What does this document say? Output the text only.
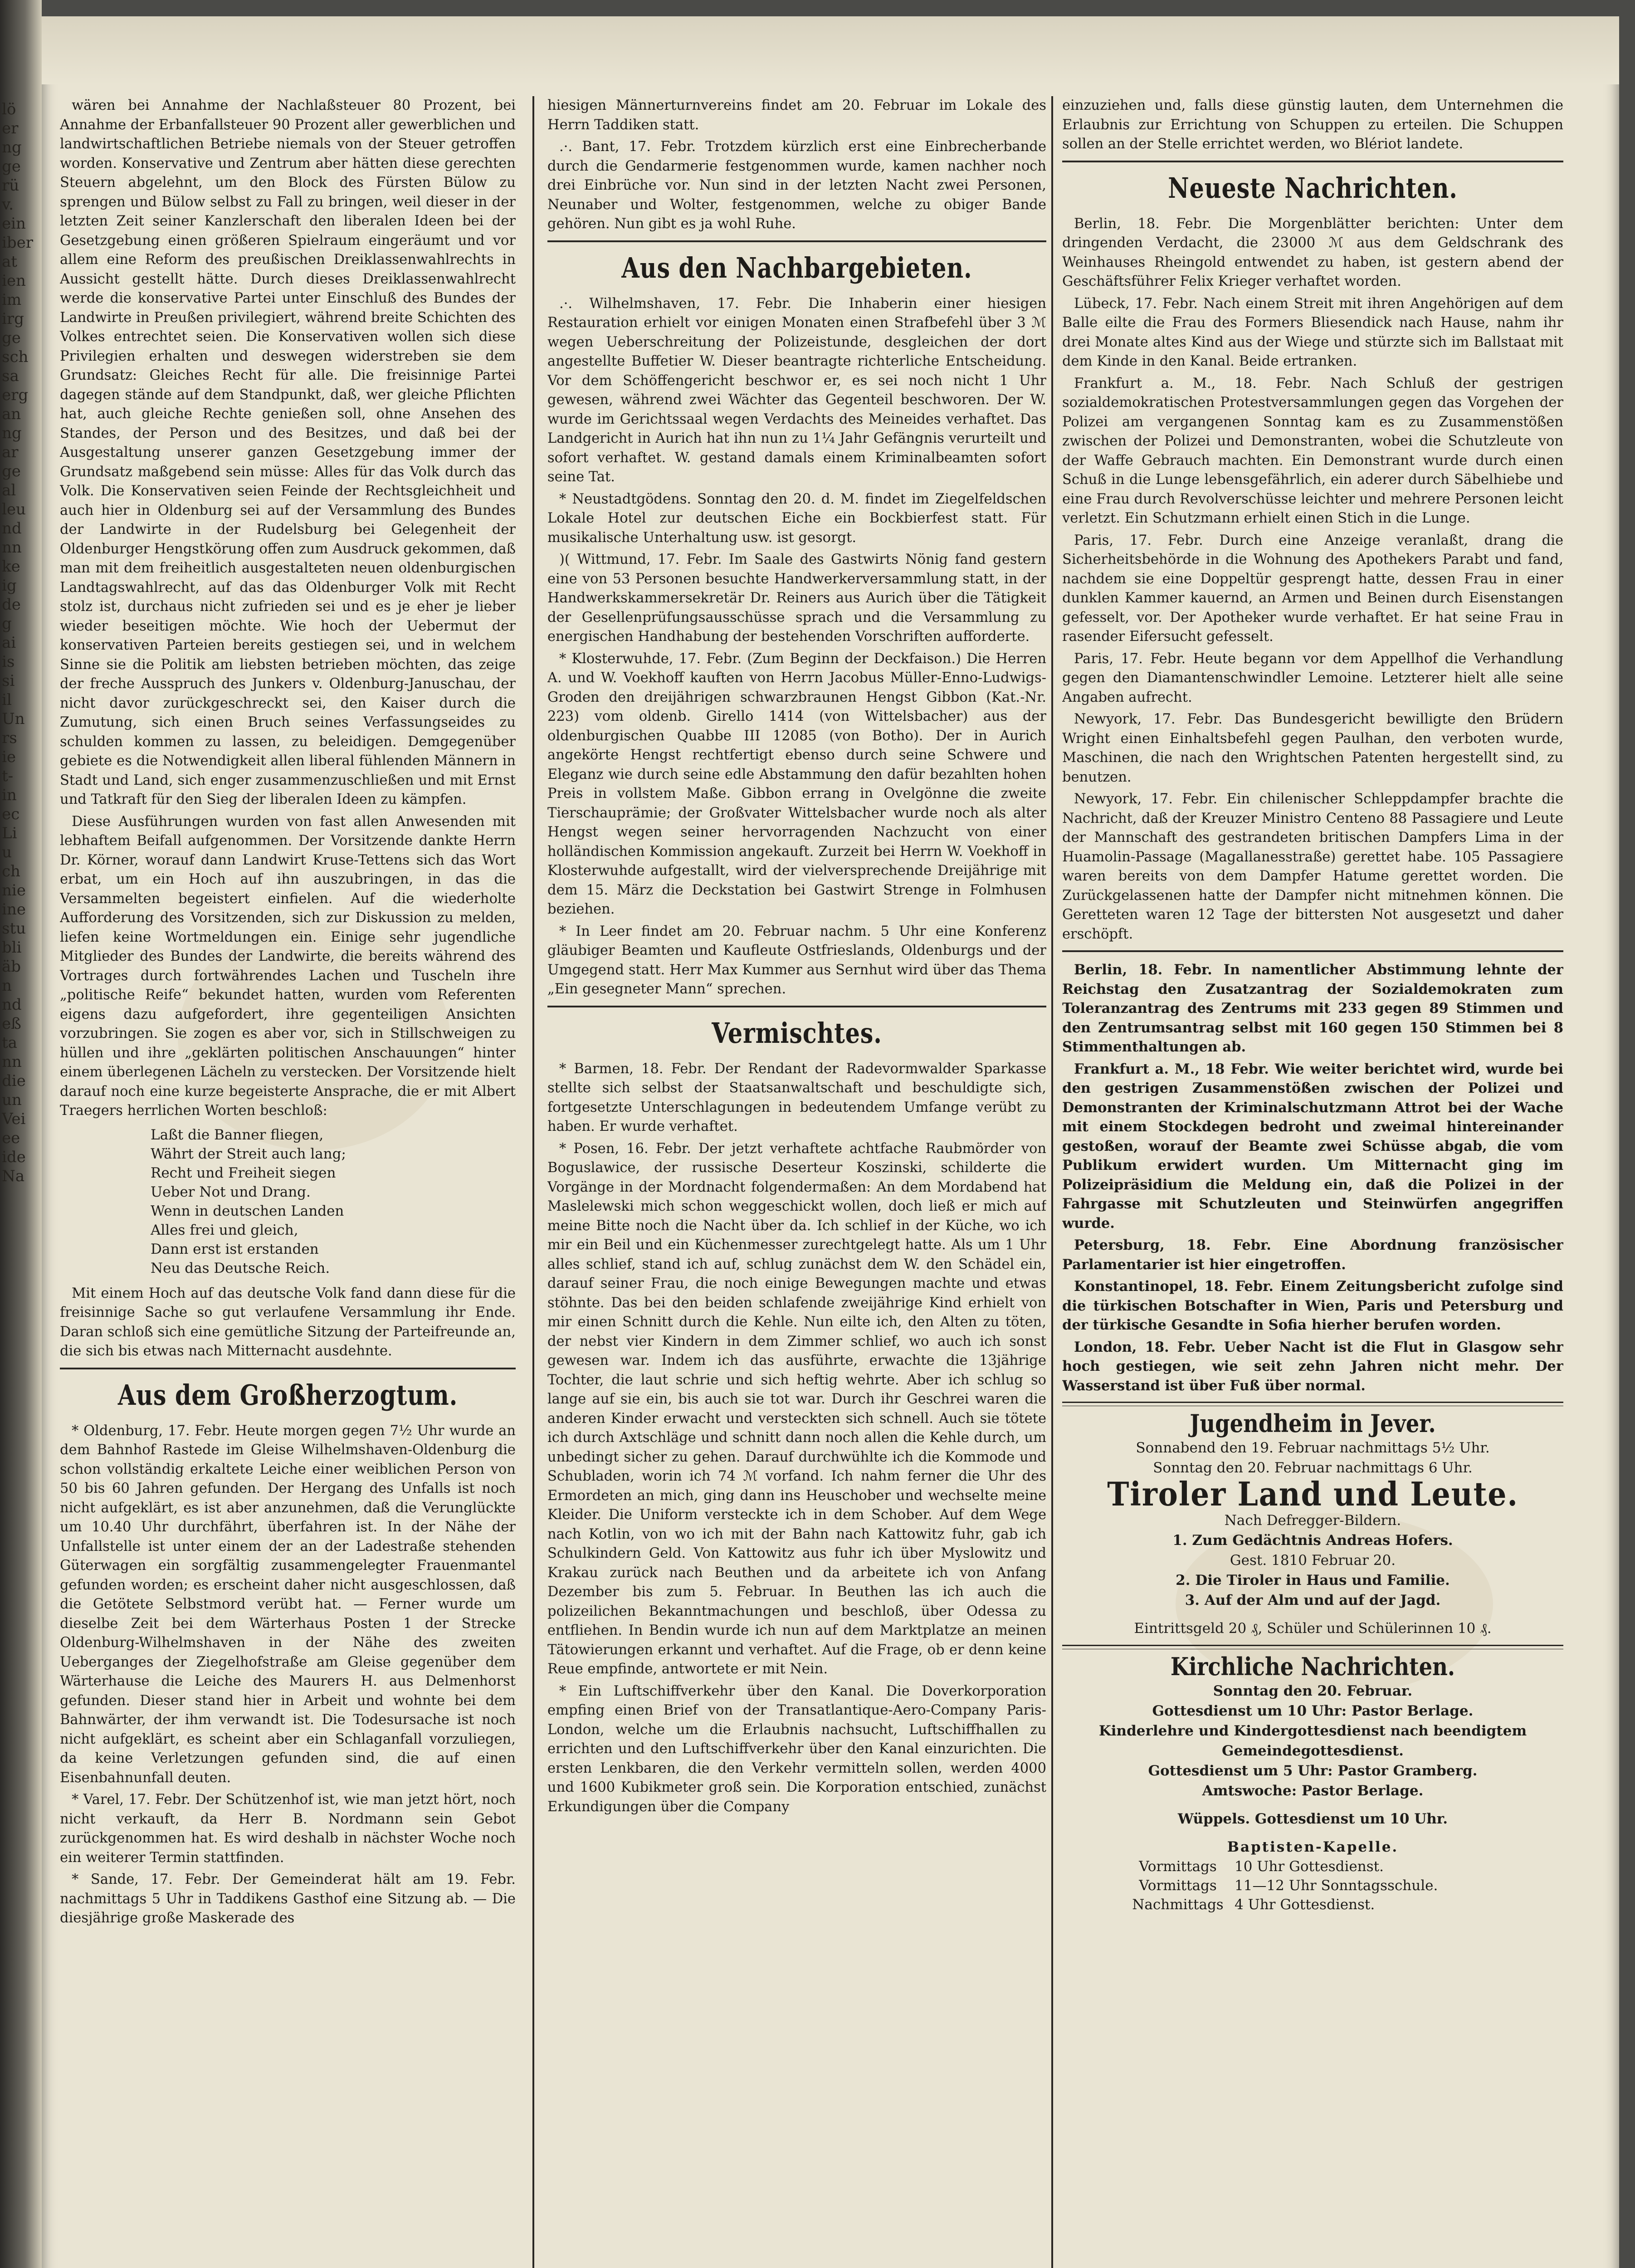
wären bei Annahme der Nachlaßsteuer 80 Prozent, bei Annahme der Erbanfallsteuer 90 Prozent aller gewerblichen und landwirtschaftlichen Betriebe niemals von der Steuer getroffen worden. Konservative und Zentrum aber hätten diese gerechten Steuern abgelehnt, um den Block des Fürsten Bülow zu sprengen und Bülow selbst zu Fall zu bringen, weil dieser in der letzten Zeit seiner Kanzlerschaft den liberalen Ideen bei der Gesetzgebung einen größeren Spielraum eingeräumt und vor allem eine Reform des preußischen Dreiklassenwahlrechts in Aussicht gestellt hätte. Durch dieses Dreiklassenwahlrecht werde die konservative Partei unter Einschluß des Bundes der Landwirte in Preußen privilegiert, während breite Schichten des Volkes entrechtet seien. Die Konservativen wollen sich diese Privilegien erhalten und deswegen widerstreben sie dem Grundsatz: Gleiches Recht für alle. Die freisinnige Partei dagegen stände auf dem Standpunkt, daß, wer gleiche Pflichten hat, auch gleiche Rechte genießen soll, ohne Ansehen des Standes, der Person und des Besitzes, und daß bei der Ausgestaltung unserer ganzen Gesetzgebung immer der Grundsatz maßgebend sein müsse: Alles für das Volk durch das Volk. Die Konservativen seien Feinde der Rechtsgleichheit und auch hier in Oldenburg sei auf der Versammlung des Bundes der Landwirte in der Rudelsburg bei Gelegenheit der Oldenburger Hengstkörung offen zum Ausdruck gekommen, daß man mit dem freiheitlich ausgestalteten neuen oldenburgischen Landtagswahlrecht, auf das das Oldenburger Volk mit Recht stolz ist, durchaus nicht zufrieden sei und es je eher je lieber wieder beseitigen möchte. Wie hoch der Uebermut der konservativen Parteien bereits gestiegen sei, und in welchem Sinne sie die Politik am liebsten betrieben möchten, das zeige der freche Ausspruch des Junkers v. Oldenburg-Januschau, der nicht davor zurückgeschreckt sei, den Kaiser durch die Zumutung, sich einen Bruch seines Verfassungseides zu schulden kommen zu lassen, zu beleidigen. Demgegenüber gebiete es die Notwendigkeit allen liberal fühlenden Männern in Stadt und Land, sich enger zusammenzuschließen und mit Ernst und Tatkraft für den Sieg der liberalen Ideen zu kämpfen.

Diese Ausführungen wurden von fast allen Anwesenden mit lebhaftem Beifall aufgenommen. Der Vorsitzende dankte Herrn Dr. Körner, worauf dann Landwirt Kruse-Tettens sich das Wort erbat, um ein Hoch auf ihn auszubringen, in das die Versammelten begeistert einfielen. Auf die wiederholte Aufforderung des Vorsitzenden, sich zur Diskussion zu melden, liefen keine Wortmeldungen ein. Einige sehr jugendliche Mitglieder des Bundes der Landwirte, die bereits während des Vortrages durch fortwährendes Lachen und Tuscheln ihre „politische Reife“ bekundet hatten, wurden vom Referenten eigens dazu aufgefordert, ihre gegenteiligen Ansichten vorzubringen. Sie zogen es aber vor, sich in Stillschweigen zu hüllen und ihre „geklärten politischen Anschauungen“ hinter einem überlegenen Lächeln zu verstecken. Der Vorsitzende hielt darauf noch eine kurze begeisterte Ansprache, die er mit Albert Traegers herrlichen Worten beschloß:

Laßt die Banner fliegen,
Währt der Streit auch lang;
Recht und Freiheit siegen
Ueber Not und Drang.
Wenn in deutschen Landen
Alles frei und gleich,
Dann erst ist erstanden
Neu das Deutsche Reich.

Mit einem Hoch auf das deutsche Volk fand dann diese für die freisinnige Sache so gut verlaufene Versammlung ihr Ende. Daran schloß sich eine gemütliche Sitzung der Parteifreunde an, die sich bis etwas nach Mitternacht ausdehnte.

Aus dem Großherzogtum.

* Oldenburg, 17. Febr. Heute morgen gegen 7½ Uhr wurde an dem Bahnhof Rastede im Gleise Wilhelmshaven-Oldenburg die schon vollständig erkaltete Leiche einer weiblichen Person von 50 bis 60 Jahren gefunden. Der Hergang des Unfalls ist noch nicht aufgeklärt, es ist aber anzunehmen, daß die Verunglückte um 10.40 Uhr durchfährt, überfahren ist. In der Nähe der Unfallstelle ist unter einem der an der Ladestraße stehenden Güterwagen ein sorgfältig zusammengelegter Frauenmantel gefunden worden; es erscheint daher nicht ausgeschlossen, daß die Getötete Selbstmord verübt hat. — Ferner wurde um dieselbe Zeit bei dem Wärterhaus Posten 1 der Strecke Oldenburg-Wilhelmshaven in der Nähe des zweiten Ueberganges der Ziegelhofstraße am Gleise gegenüber dem Wärterhause die Leiche des Maurers H. aus Delmenhorst gefunden. Dieser stand hier in Arbeit und wohnte bei dem Bahnwärter, der ihm verwandt ist. Die Todesursache ist noch nicht aufgeklärt, es scheint aber ein Schlaganfall vorzuliegen, da keine Verletzungen gefunden sind, die auf einen Eisenbahnunfall deuten.

* Varel, 17. Febr. Der Schützenhof ist, wie man jetzt hört, noch nicht verkauft, da Herr B. Nordmann sein Gebot zurückgenommen hat. Es wird deshalb in nächster Woche noch ein weiterer Termin stattfinden.

* Sande, 17. Febr. Der Gemeinderat hält am 19. Febr. nachmittags 5 Uhr in Taddikens Gasthof eine Sitzung ab. — Die diesjährige große Maskerade des

hiesigen Männerturnvereins findet am 20. Februar im Lokale des Herrn Taddiken statt.

.·. Bant, 17. Febr. Trotzdem kürzlich erst eine Einbrecherbande durch die Gendarmerie festgenommen wurde, kamen nachher noch drei Einbrüche vor. Nun sind in der letzten Nacht zwei Personen, Neunaber und Wolter, festgenommen, welche zu obiger Bande gehören. Nun gibt es ja wohl Ruhe.

Aus den Nachbargebieten.

.·. Wilhelmshaven, 17. Febr. Die Inhaberin einer hiesigen Restauration erhielt vor einigen Monaten einen Strafbefehl über 3 ℳ wegen Ueberschreitung der Polizeistunde, desgleichen der dort angestellte Buffetier W. Dieser beantragte richterliche Entscheidung. Vor dem Schöffengericht beschwor er, es sei noch nicht 1 Uhr gewesen, während zwei Wächter das Gegenteil beschworen. Der W. wurde im Gerichtssaal wegen Verdachts des Meineides verhaftet. Das Landgericht in Aurich hat ihn nun zu 1¼ Jahr Gefängnis verurteilt und sofort verhaftet. W. gestand damals einem Kriminalbeamten sofort seine Tat.

* Neustadtgödens. Sonntag den 20. d. M. findet im Ziegelfeldschen Lokale Hotel zur deutschen Eiche ein Bockbierfest statt. Für musikalische Unterhaltung usw. ist gesorgt.

)( Wittmund, 17. Febr. Im Saale des Gastwirts Nönig fand gestern eine von 53 Personen besuchte Handwerkerversammlung statt, in der Handwerkskammersekretär Dr. Reiners aus Aurich über die Tätigkeit der Gesellenprüfungsausschüsse sprach und die Versammlung zu energischen Handhabung der bestehenden Vorschriften aufforderte.

* Klosterwuhde, 17. Febr. (Zum Beginn der Deckfaison.) Die Herren A. und W. Voekhoff kauften von Herrn Jacobus Müller-Enno-Ludwigs-Groden den dreijährigen schwarzbraunen Hengst Gibbon (Kat.-Nr. 223) vom oldenb. Girello 1414 (von Wittelsbacher) aus der oldenburgischen Quabbe III 12085 (von Botho). Der in Aurich angekörte Hengst rechtfertigt ebenso durch seine Schwere und Eleganz wie durch seine edle Abstammung den dafür bezahlten hohen Preis in vollstem Maße. Gibbon errang in Ovelgönne die zweite Tierschauprämie; der Großvater Wittelsbacher wurde noch als alter Hengst wegen seiner hervorragenden Nachzucht von einer holländischen Kommission angekauft. Zurzeit bei Herrn W. Voekhoff in Klosterwuhde aufgestallt, wird der vielversprechende Dreijährige mit dem 15. März die Deckstation bei Gastwirt Strenge in Folmhusen beziehen.

* In Leer findet am 20. Februar nachm. 5 Uhr eine Konferenz gläubiger Beamten und Kaufleute Ostfrieslands, Oldenburgs und der Umgegend statt. Herr Max Kummer aus Sernhut wird über das Thema „Ein gesegneter Mann“ sprechen.

Vermischtes.

* Barmen, 18. Febr. Der Rendant der Radevormwalder Sparkasse stellte sich selbst der Staatsanwaltschaft und beschuldigte sich, fortgesetzte Unterschlagungen in bedeutendem Umfange verübt zu haben. Er wurde verhaftet.

* Posen, 16. Febr. Der jetzt verhaftete achtfache Raubmörder von Boguslawice, der russische Deserteur Koszinski, schilderte die Vorgänge in der Mordnacht folgendermaßen: An dem Mordabend hat Maslelewski mich schon weggeschickt wollen, doch ließ er mich auf meine Bitte noch die Nacht über da. Ich schlief in der Küche, wo ich mir ein Beil und ein Küchenmesser zurechtgelegt hatte. Als um 1 Uhr alles schlief, stand ich auf, schlug zunächst dem W. den Schädel ein, darauf seiner Frau, die noch einige Bewegungen machte und etwas stöhnte. Das bei den beiden schlafende zweijährige Kind erhielt von mir einen Schnitt durch die Kehle. Nun eilte ich, den Alten zu töten, der nebst vier Kindern in dem Zimmer schlief, wo auch ich sonst gewesen war. Indem ich das ausführte, erwachte die 13jährige Tochter, die laut schrie und sich heftig wehrte. Aber ich schlug so lange auf sie ein, bis auch sie tot war. Durch ihr Geschrei waren die anderen Kinder erwacht und versteckten sich schnell. Auch sie tötete ich durch Axtschläge und schnitt dann noch allen die Kehle durch, um unbedingt sicher zu gehen. Darauf durchwühlte ich die Kommode und Schubladen, worin ich 74 ℳ vorfand. Ich nahm ferner die Uhr des Ermordeten an mich, ging dann ins Heuschober und wechselte meine Kleider. Die Uniform versteckte ich in dem Schober. Auf dem Wege nach Kotlin, von wo ich mit der Bahn nach Kattowitz fuhr, gab ich Schulkindern Geld. Von Kattowitz aus fuhr ich über Myslowitz und Krakau zurück nach Beuthen und da arbeitete ich von Anfang Dezember bis zum 5. Februar. In Beuthen las ich auch die polizeilichen Bekanntmachungen und beschloß, über Odessa zu entfliehen. In Bendin wurde ich nun auf dem Marktplatze an meinen Tätowierungen erkannt und verhaftet. Auf die Frage, ob er denn keine Reue empfinde, antwortete er mit Nein.

* Ein Luftschiffverkehr über den Kanal. Die Doverkorporation empfing einen Brief von der Transatlantique-Aero-Company Paris-London, welche um die Erlaubnis nachsucht, Luftschiffhallen zu errichten und den Luftschiffverkehr über den Kanal einzurichten. Die ersten Lenkbaren, die den Verkehr vermitteln sollen, werden 4000 und 1600 Kubikmeter groß sein. Die Korporation entschied, zunächst Erkundigungen über die Company

einzuziehen und, falls diese günstig lauten, dem Unternehmen die Erlaubnis zur Errichtung von Schuppen zu erteilen. Die Schuppen sollen an der Stelle errichtet werden, wo Blériot landete.

Neueste Nachrichten.

Berlin, 18. Febr. Die Morgenblätter berichten: Unter dem dringenden Verdacht, die 23000 ℳ aus dem Geldschrank des Weinhauses Rheingold entwendet zu haben, ist gestern abend der Geschäftsführer Felix Krieger verhaftet worden.

Lübeck, 17. Febr. Nach einem Streit mit ihren Angehörigen auf dem Balle eilte die Frau des Formers Bliesendick nach Hause, nahm ihr drei Monate altes Kind aus der Wiege und stürzte sich im Ballstaat mit dem Kinde in den Kanal. Beide ertranken.

Frankfurt a. M., 18. Febr. Nach Schluß der gestrigen sozialdemokratischen Protestversammlungen gegen das Vorgehen der Polizei am vergangenen Sonntag kam es zu Zusammenstößen zwischen der Polizei und Demonstranten, wobei die Schutzleute von der Waffe Gebrauch machten. Ein Demonstrant wurde durch einen Schuß in die Lunge lebensgefährlich, ein aderer durch Säbelhiebe und eine Frau durch Revolverschüsse leichter und mehrere Personen leicht verletzt. Ein Schutzmann erhielt einen Stich in die Lunge.

Paris, 17. Febr. Durch eine Anzeige veranlaßt, drang die Sicherheitsbehörde in die Wohnung des Apothekers Parabt und fand, nachdem sie eine Doppeltür gesprengt hatte, dessen Frau in einer dunklen Kammer kauernd, an Armen und Beinen durch Eisenstangen gefesselt, vor. Der Apotheker wurde verhaftet. Er hat seine Frau in rasender Eifersucht gefesselt.

Paris, 17. Febr. Heute begann vor dem Appellhof die Verhandlung gegen den Diamantenschwindler Lemoine. Letzterer hielt alle seine Angaben aufrecht.

Newyork, 17. Febr. Das Bundesgericht bewilligte den Brüdern Wright einen Einhaltsbefehl gegen Paulhan, den verboten wurde, Maschinen, die nach den Wrightschen Patenten hergestellt sind, zu benutzen.

Newyork, 17. Febr. Ein chilenischer Schleppdampfer brachte die Nachricht, daß der Kreuzer Ministro Centeno 88 Passagiere und Leute der Mannschaft des gestrandeten britischen Dampfers Lima in der Huamolin-Passage (Magallanesstraße) gerettet habe. 105 Passagiere waren bereits von dem Dampfer Hatume gerettet worden. Die Zurückgelassenen hatte der Dampfer nicht mitnehmen können. Die Geretteten waren 12 Tage der bittersten Not ausgesetzt und daher erschöpft.

Berlin, 18. Febr. In namentlicher Abstimmung lehnte der Reichstag den Zusatzantrag der Sozialdemokraten zum Toleranzantrag des Zentrums mit 233 gegen 89 Stimmen und den Zentrumsantrag selbst mit 160 gegen 150 Stimmen bei 8 Stimmenthaltungen ab.

Frankfurt a. M., 18 Febr. Wie weiter berichtet wird, wurde bei den gestrigen Zusammenstößen zwischen der Polizei und Demonstranten der Kriminalschutzmann Attrot bei der Wache mit einem Stockdegen bedroht und zweimal hintereinander gestoßen, worauf der Beamte zwei Schüsse abgab, die vom Publikum erwidert wurden. Um Mitternacht ging im Polizeipräsidium die Meldung ein, daß die Polizei in der Fahrgasse mit Schutzleuten und Steinwürfen angegriffen wurde.

Petersburg, 18. Febr. Eine Abordnung französischer Parlamentarier ist hier eingetroffen.

Konstantinopel, 18. Febr. Einem Zeitungsbericht zufolge sind die türkischen Botschafter in Wien, Paris und Petersburg und der türkische Gesandte in Sofia hierher berufen worden.

London, 18. Febr. Ueber Nacht ist die Flut in Glasgow sehr hoch gestiegen, wie seit zehn Jahren nicht mehr. Der Wasserstand ist über Fuß über normal.

Jugendheim in Jever.
Sonnabend den 19. Februar nachmittags 5½ Uhr.
Sonntag den 20. Februar nachmittags 6 Uhr.
Tiroler Land und Leute.
Nach Defregger-Bildern.
1. Zum Gedächtnis Andreas Hofers.
Gest. 1810 Februar 20.
2. Die Tiroler in Haus und Familie.
3. Auf der Alm und auf der Jagd.
Eintrittsgeld 20 ₰, Schüler und Schülerinnen 10 ₰.
Kirchliche Nachrichten.
Sonntag den 20. Februar.
Gottesdienst um 10 Uhr: Pastor Berlage.
Kinderlehre und Kindergottesdienst nach beendigtem Gemeindegottesdienst.
Gottesdienst um 5 Uhr: Pastor Gramberg.
Amtswoche: Pastor Berlage.
Wüppels. Gottesdienst um 10 Uhr.
Baptisten-Kapelle.
Vormittags	10 Uhr Gottesdienst.
Vormittags	11—12 Uhr Sonntagsschule.
Nachmittags 4 Uhr Gottesdienst.
lö
er
ng
ge
rü
v.
ein
iber
at
ien
im
irg
ge
sch
sa
erg
an
ng
ar
ge
al
leu
nd
nn
ke
ig
de
g
ai
is
si
il
Un
rs
ie
t-
in
ec
Li
u
ch
nie
ine
stu
bli
äb
n
nd
eß
ta
nn
die
un
Vei
ee
ide
Na
